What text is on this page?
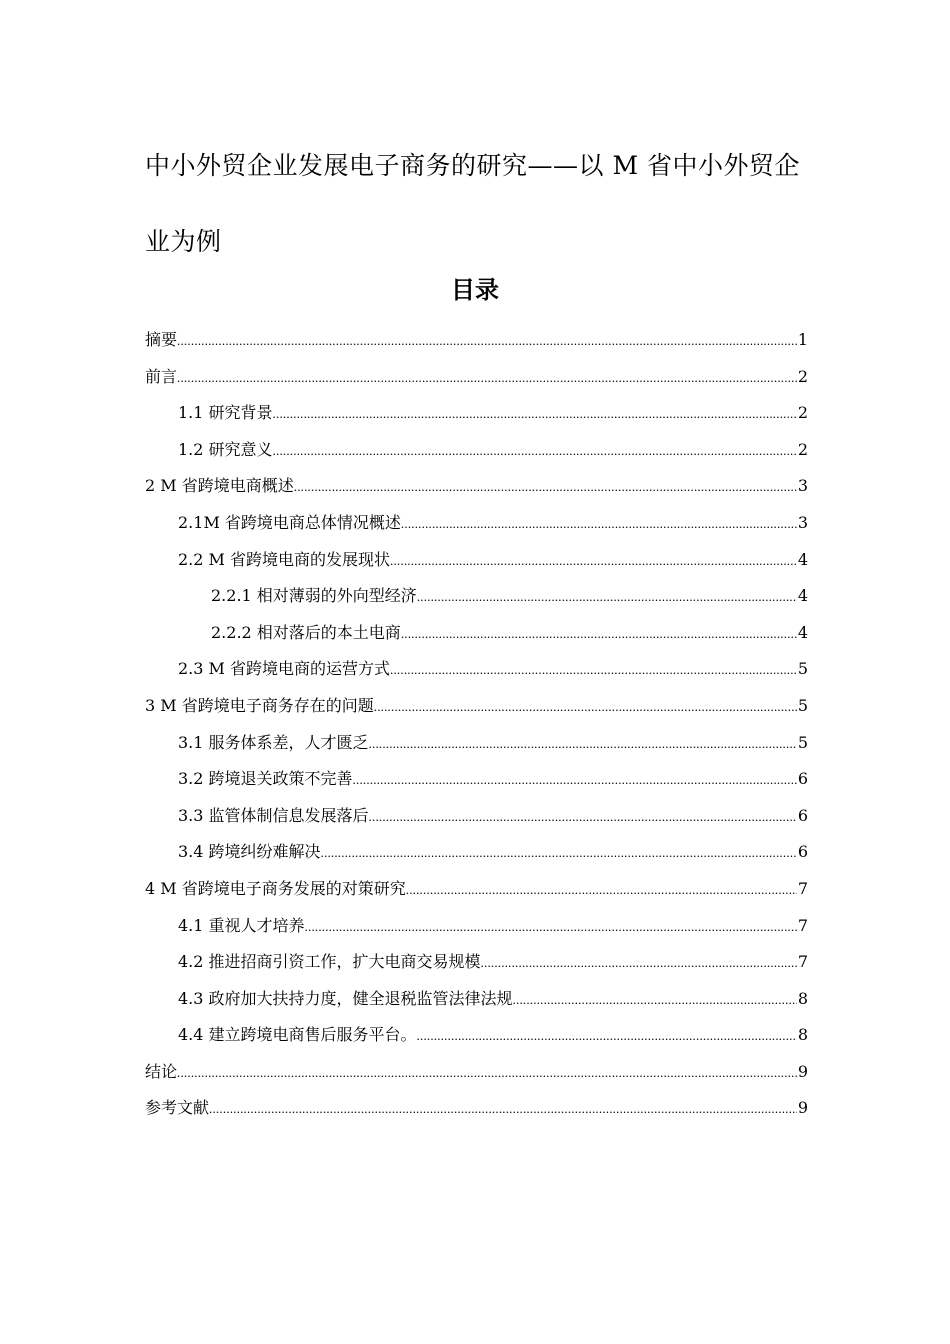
中小外贸企业发展电子商务的研究——以 M 省中小外贸企业为例
目录
摘要 .....	1
前言 .....	2
1.1 研究背景 .....	2
1.2 研究意义 .....	2
2 M 省跨境电商概述 .....	3
2.1M 省跨境电商总体情况概述 .....	3
2.2 M 省跨境电商的发展现状 .....	4
2.2.1 相对薄弱的外向型经济 .....	4
2.2.2 相对落后的本土电商 .....	4
2.3 M 省跨境电商的运营方式 .....	5
3 M 省跨境电子商务存在的问题 .....	5
3.1 服务体系差，人才匮乏 .....	5
3.2 跨境退关政策不完善 .....	6
3.3 监管体制信息发展落后 .....	6
3.4 跨境纠纷难解决 .....	6
4 M 省跨境电子商务发展的对策研究 .....	7
4.1 重视人才培养 .....	7
4.2 推进招商引资工作，扩大电商交易规模 .....	7
4.3 政府加大扶持力度，健全退税监管法律法规 .....	8
4.4 建立跨境电商售后服务平台。 .....	8
结论 .....	9
参考文献 .....	9
